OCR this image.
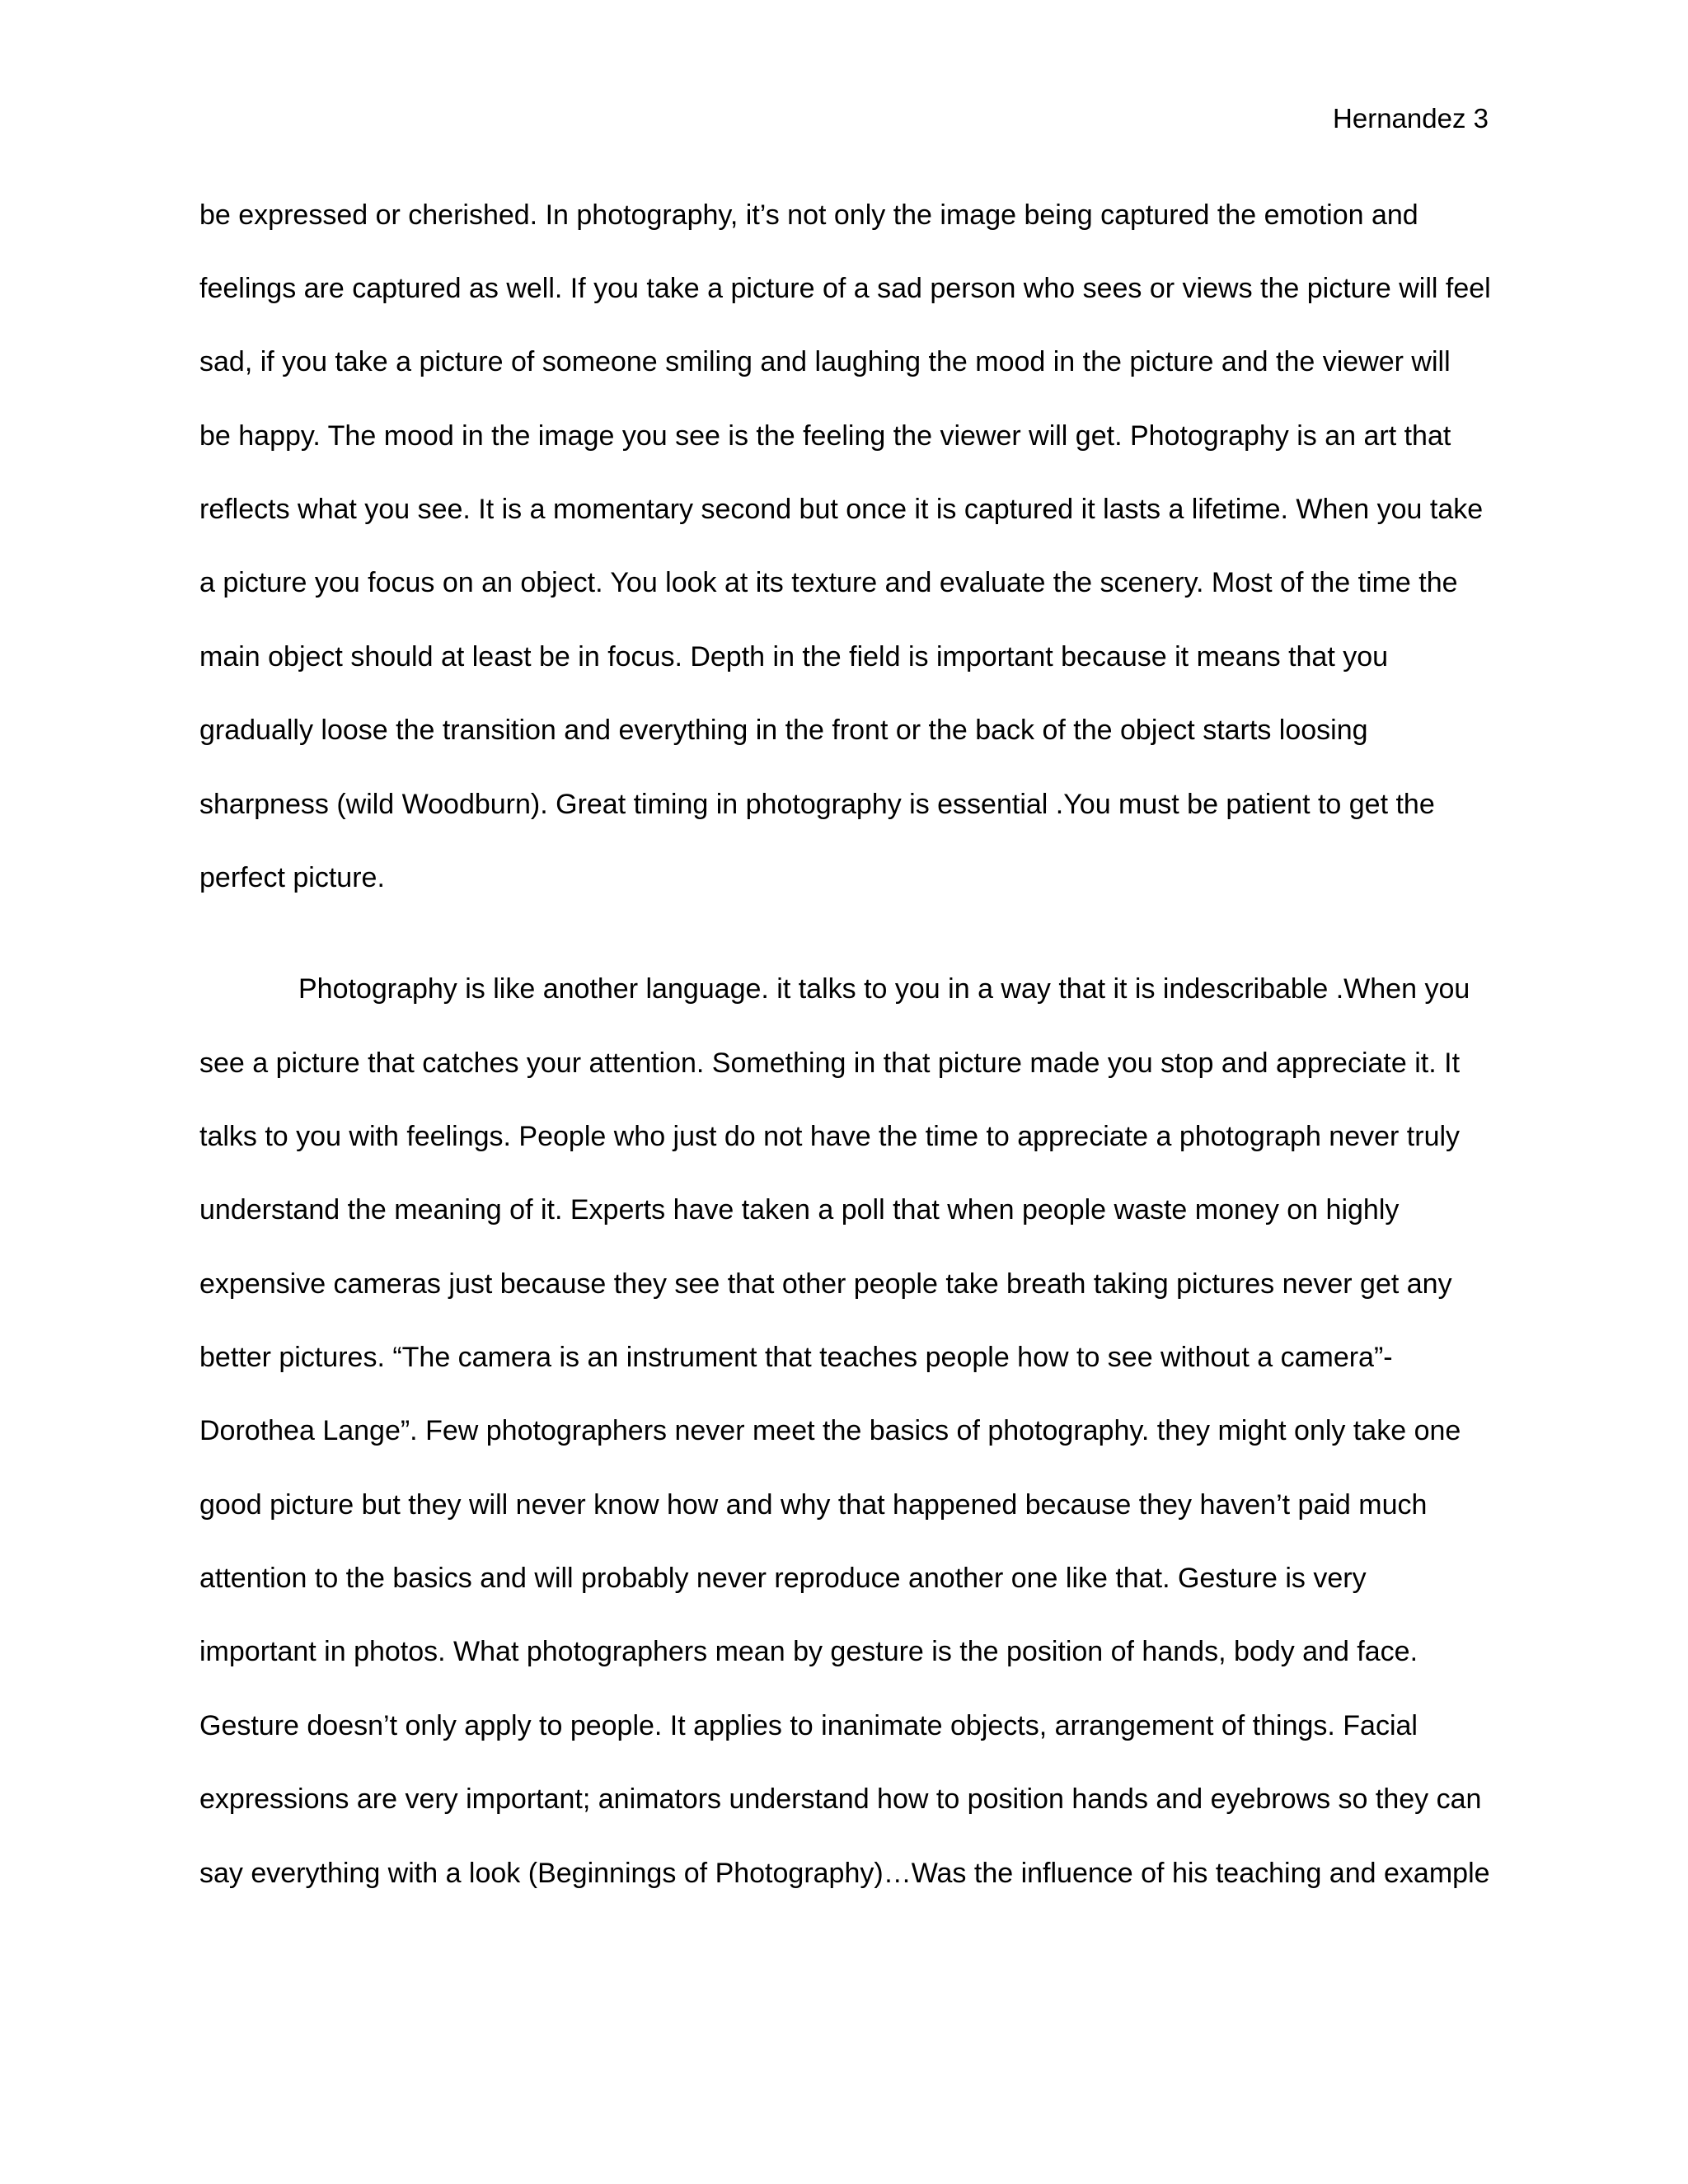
Hernandez 3
be expressed or cherished. In photography, it’s not only the image being captured the emotion and
feelings are captured as well. If you take a picture of a sad person who sees or views the picture will feel
sad, if you take a picture of someone smiling and laughing the mood in the picture and the viewer will
be happy. The mood in the image you see is the feeling the viewer will get. Photography is an art that
reflects what you see. It is a momentary second but once it is captured it lasts a lifetime. When you take
a picture you focus on an object. You look at its texture and evaluate the scenery. Most of the time the
main object should at least be in focus. Depth in the field is important because it means that you
gradually loose the transition and everything in the front or the back of the object starts loosing
sharpness (wild Woodburn). Great timing in photography is essential .You must be patient to get the
perfect picture.
Photography is like another language. it talks to you in a way that it is indescribable .When you
see a picture that catches your attention. Something in that picture made you stop and appreciate it. It
talks to you with feelings. People who just do not have the time to appreciate a photograph never truly
understand the meaning of it. Experts have taken a poll that when people waste money on highly
expensive cameras just because they see that other people take breath taking pictures never get any
better pictures. “The camera is an instrument that teaches people how to see without a camera”-
Dorothea Lange”. Few photographers never meet the basics of photography. they might only take one
good picture but they will never know how and why that happened because they haven’t paid much
attention to the basics and will probably never reproduce another one like that. Gesture is very
important in photos. What photographers mean by gesture is the position of hands, body and face.
Gesture doesn’t only apply to people. It applies to inanimate objects, arrangement of things. Facial
expressions are very important; animators understand how to position hands and eyebrows so they can
say everything with a look (Beginnings of Photography)…Was the influence of his teaching and example
